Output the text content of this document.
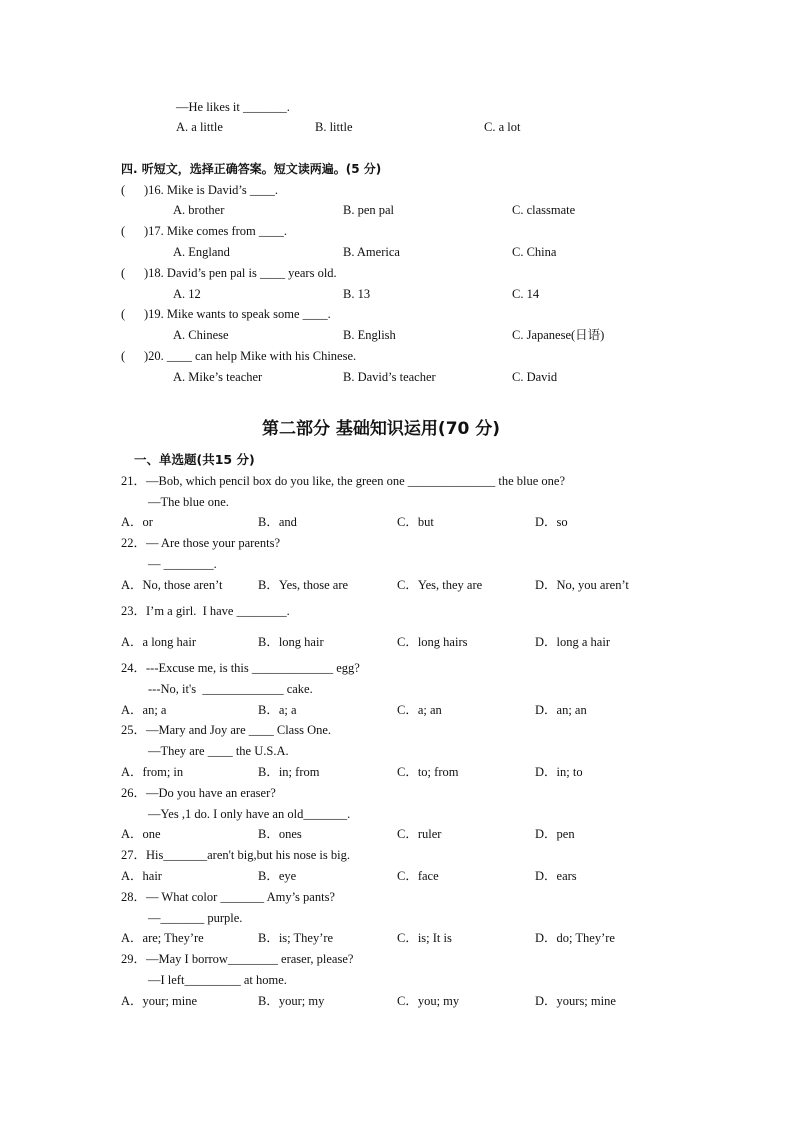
—He likes it _______.
A. a little	B. little	C. a lot
四. 听短文，选择正确答案。短文读两遍。(5 分)
( )16. Mike is David’s ____.
A. brother	B. pen pal	C. classmate
( )17. Mike comes from ____.
A. England	B. America	C. China
( )18. David’s pen pal is ____ years old.
A. 12	B. 13	C. 14
( )19. Mike wants to speak some ____.
A. Chinese	B. English	C. Japanese(日语)
( )20. ____ can help Mike with his Chinese.
A. Mike’s teacher	B. David’s teacher	C. David
第二部分 基础知识运用(70 分)
一、单选题(共15 分)
21．—Bob, which pencil box do you like, the green one ______________ the blue one?
—The blue one.
A．or	B．and	C．but	D．so
22．— Are those your parents?
— ________.
A．No, those aren’t	B．Yes, those are	C．Yes, they are	D．No, you aren’t
23．I’m a girl.  I have ________.
A．a long hair	B．long hair	C．long hairs	D．long a hair
24．---Excuse me, is this _____________ egg?
---No, it's  _____________ cake.
A．an; a	B．a; a	C．a; an	D．an; an
25．—Mary and Joy are ____ Class One.
—They are ____ the U.S.A.
A．from; in	B．in; from	C．to; from	D．in; to
26．—Do you have an eraser?
—Yes ,1 do. I only have an old_______.
A．one	B．ones	C．ruler	D．pen
27．His_______aren't big,but his nose is big.
A．hair	B．eye	C．face	D．ears
28．— What color _______ Amy’s pants?
—_______ purple.
A．are; They’re	B．is; They’re	C．is; It is	D．do; They’re
29．—May I borrow________ eraser, please?
—I left_________ at home.
A．your; mine	B．your; my	C．you; my	D．yours; mine
